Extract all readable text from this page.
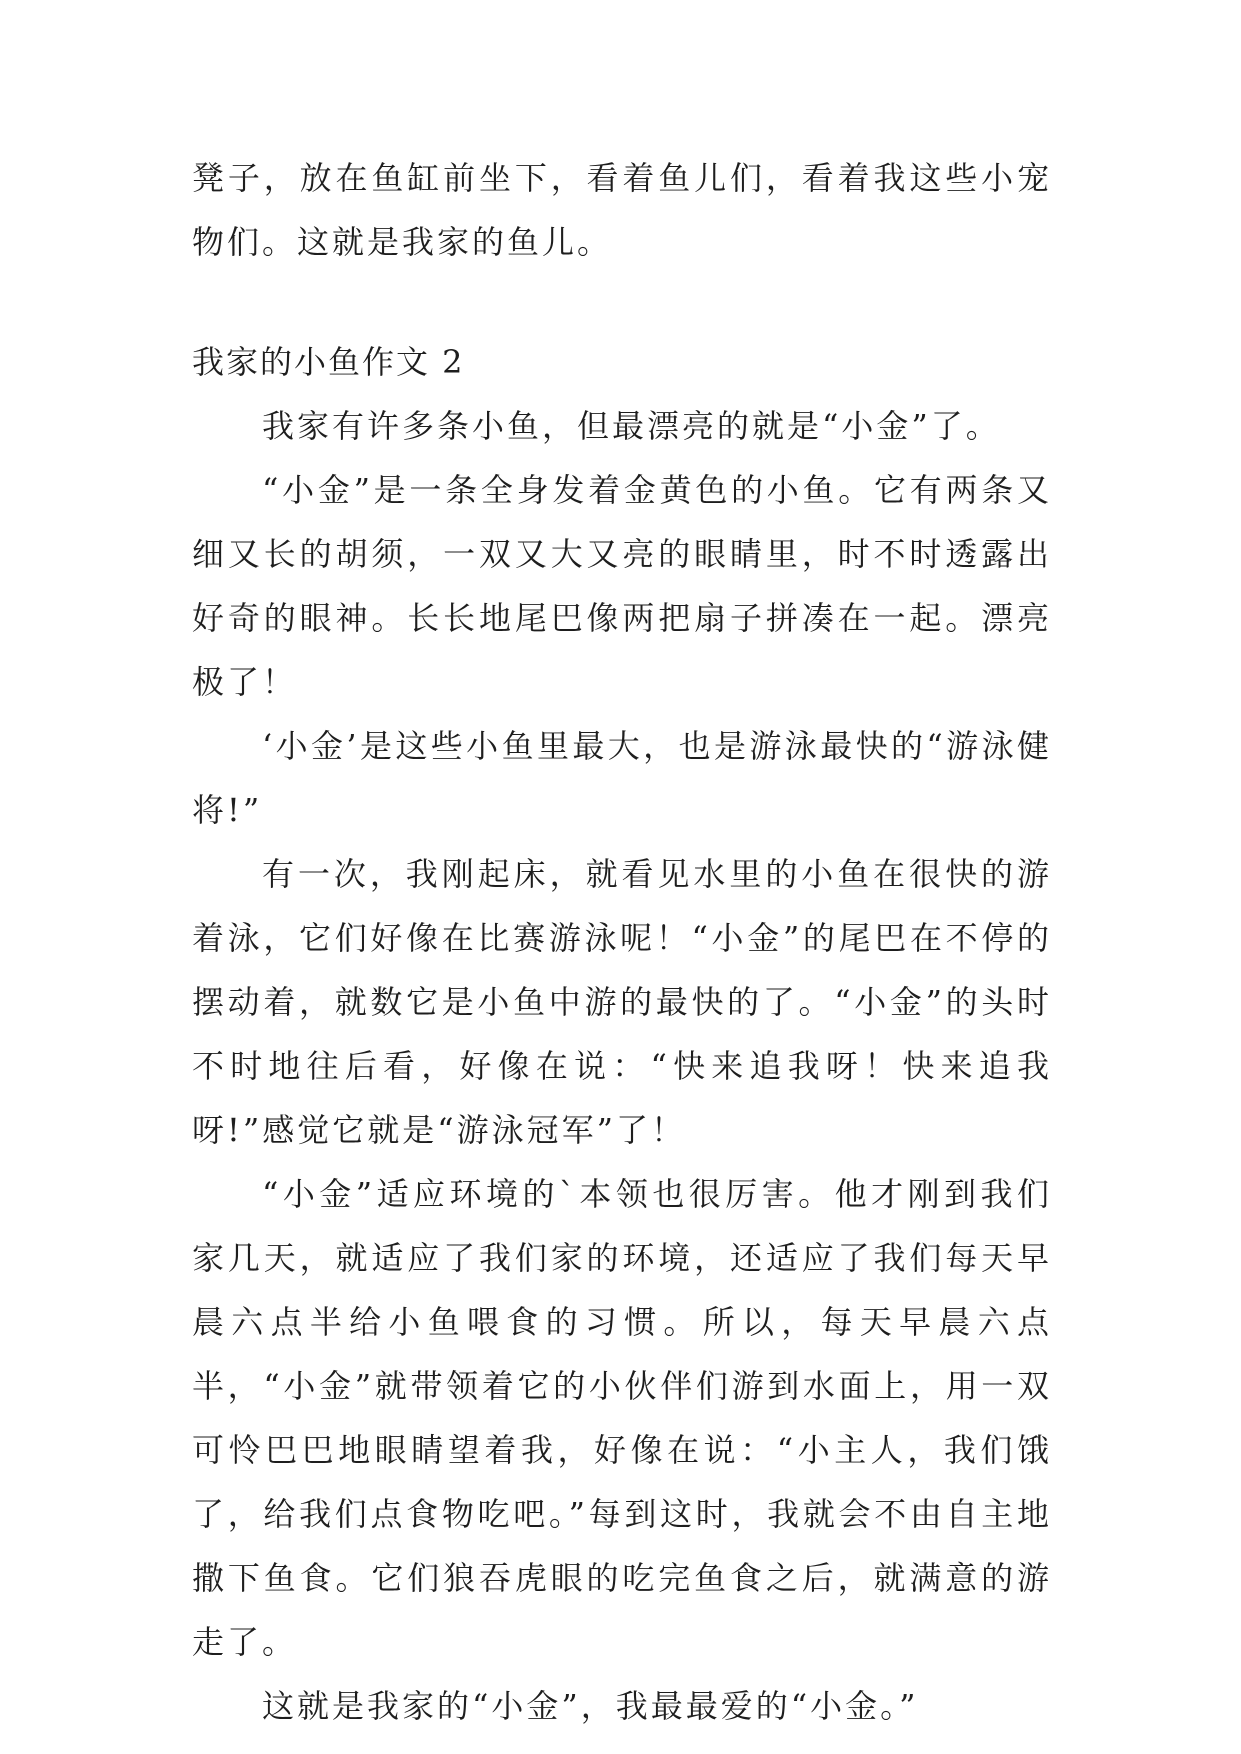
凳子，放在鱼缸前坐下，看着鱼儿们，看着我这些小宠物们。这就是我家的鱼儿。

我家的小鱼作文 2

我家有许多条小鱼，但最漂亮的就是“小金”了。

“小金”是一条全身发着金黄色的小鱼。它有两条又细又长的胡须，一双又大又亮的眼睛里，时不时透露出好奇的眼神。长长地尾巴像两把扇子拼凑在一起。漂亮极了！

‘小金’是这些小鱼里最大，也是游泳最快的“游泳健将!”

有一次，我刚起床，就看见水里的小鱼在很快的游着泳，它们好像在比赛游泳呢！“小金”的尾巴在不停的摆动着，就数它是小鱼中游的最快的了。“小金”的头时不时地往后看，好像在说：“快来追我呀！快来追我呀!”感觉它就是“游泳冠军”了！

“小金”适应环境的`本领也很厉害。他才刚到我们家几天，就适应了我们家的环境，还适应了我们每天早晨六点半给小鱼喂食的习惯。所以，每天早晨六点半，“小金”就带领着它的小伙伴们游到水面上，用一双可怜巴巴地眼睛望着我，好像在说：“小主人，我们饿了，给我们点食物吃吧。”每到这时，我就会不由自主地撒下鱼食。它们狼吞虎眼的吃完鱼食之后，就满意的游走了。

这就是我家的“小金”，我最最爱的“小金。”
